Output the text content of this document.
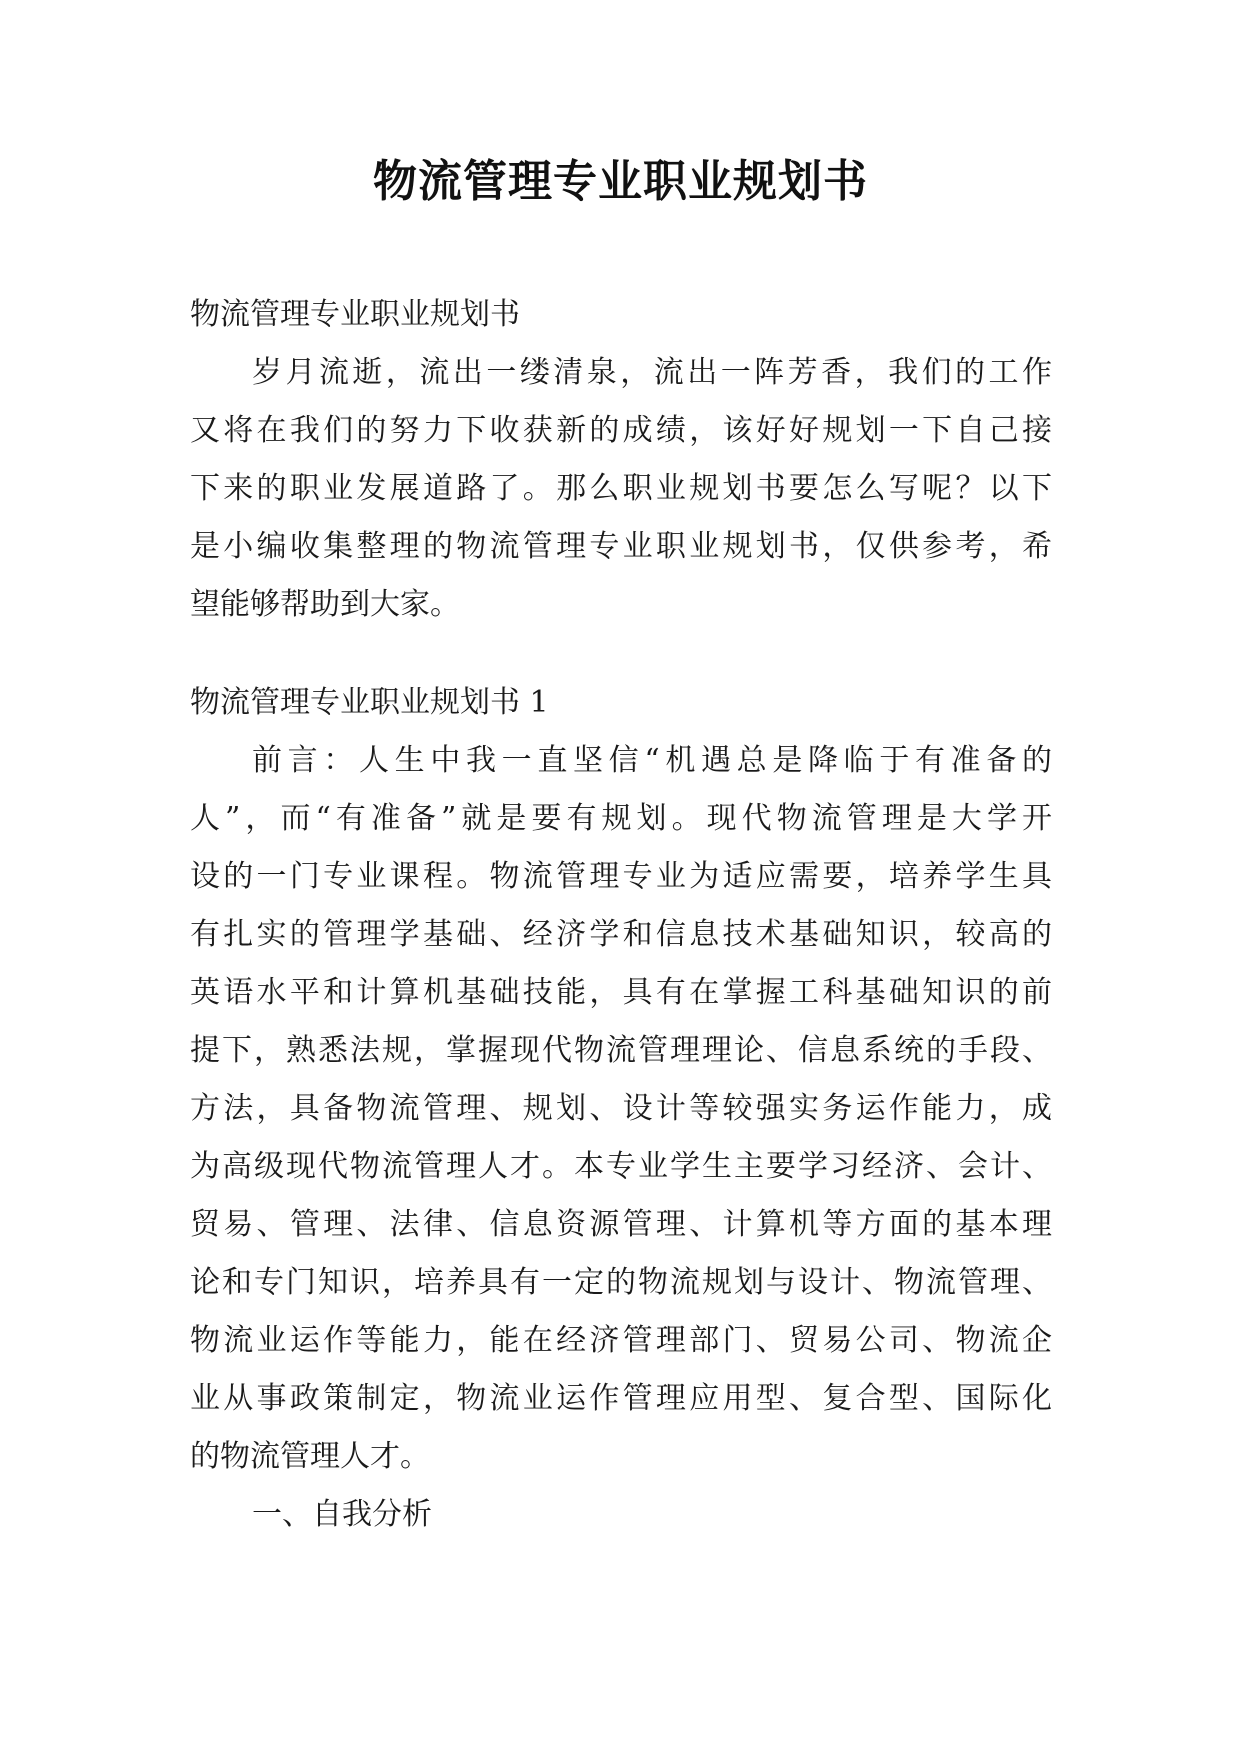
物流管理专业职业规划书
物流管理专业职业规划书
岁月流逝，流出一缕清泉，流出一阵芳香，我们的工作
又将在我们的努力下收获新的成绩，该好好规划一下自己接
下来的职业发展道路了。那么职业规划书要怎么写呢？以下
是小编收集整理的物流管理专业职业规划书，仅供参考，希
望能够帮助到大家。
物流管理专业职业规划书 1
前言：人生中我一直坚信“机遇总是降临于有准备的
人”，而“有准备”就是要有规划。现代物流管理是大学开
设的一门专业课程。物流管理专业为适应需要，培养学生具
有扎实的管理学基础、经济学和信息技术基础知识，较高的
英语水平和计算机基础技能，具有在掌握工科基础知识的前
提下，熟悉法规，掌握现代物流管理理论、信息系统的手段、
方法，具备物流管理、规划、设计等较强实务运作能力，成
为高级现代物流管理人才。本专业学生主要学习经济、会计、
贸易、管理、法律、信息资源管理、计算机等方面的基本理
论和专门知识，培养具有一定的物流规划与设计、物流管理、
物流业运作等能力，能在经济管理部门、贸易公司、物流企
业从事政策制定，物流业运作管理应用型、复合型、国际化
的物流管理人才。
一、自我分析
